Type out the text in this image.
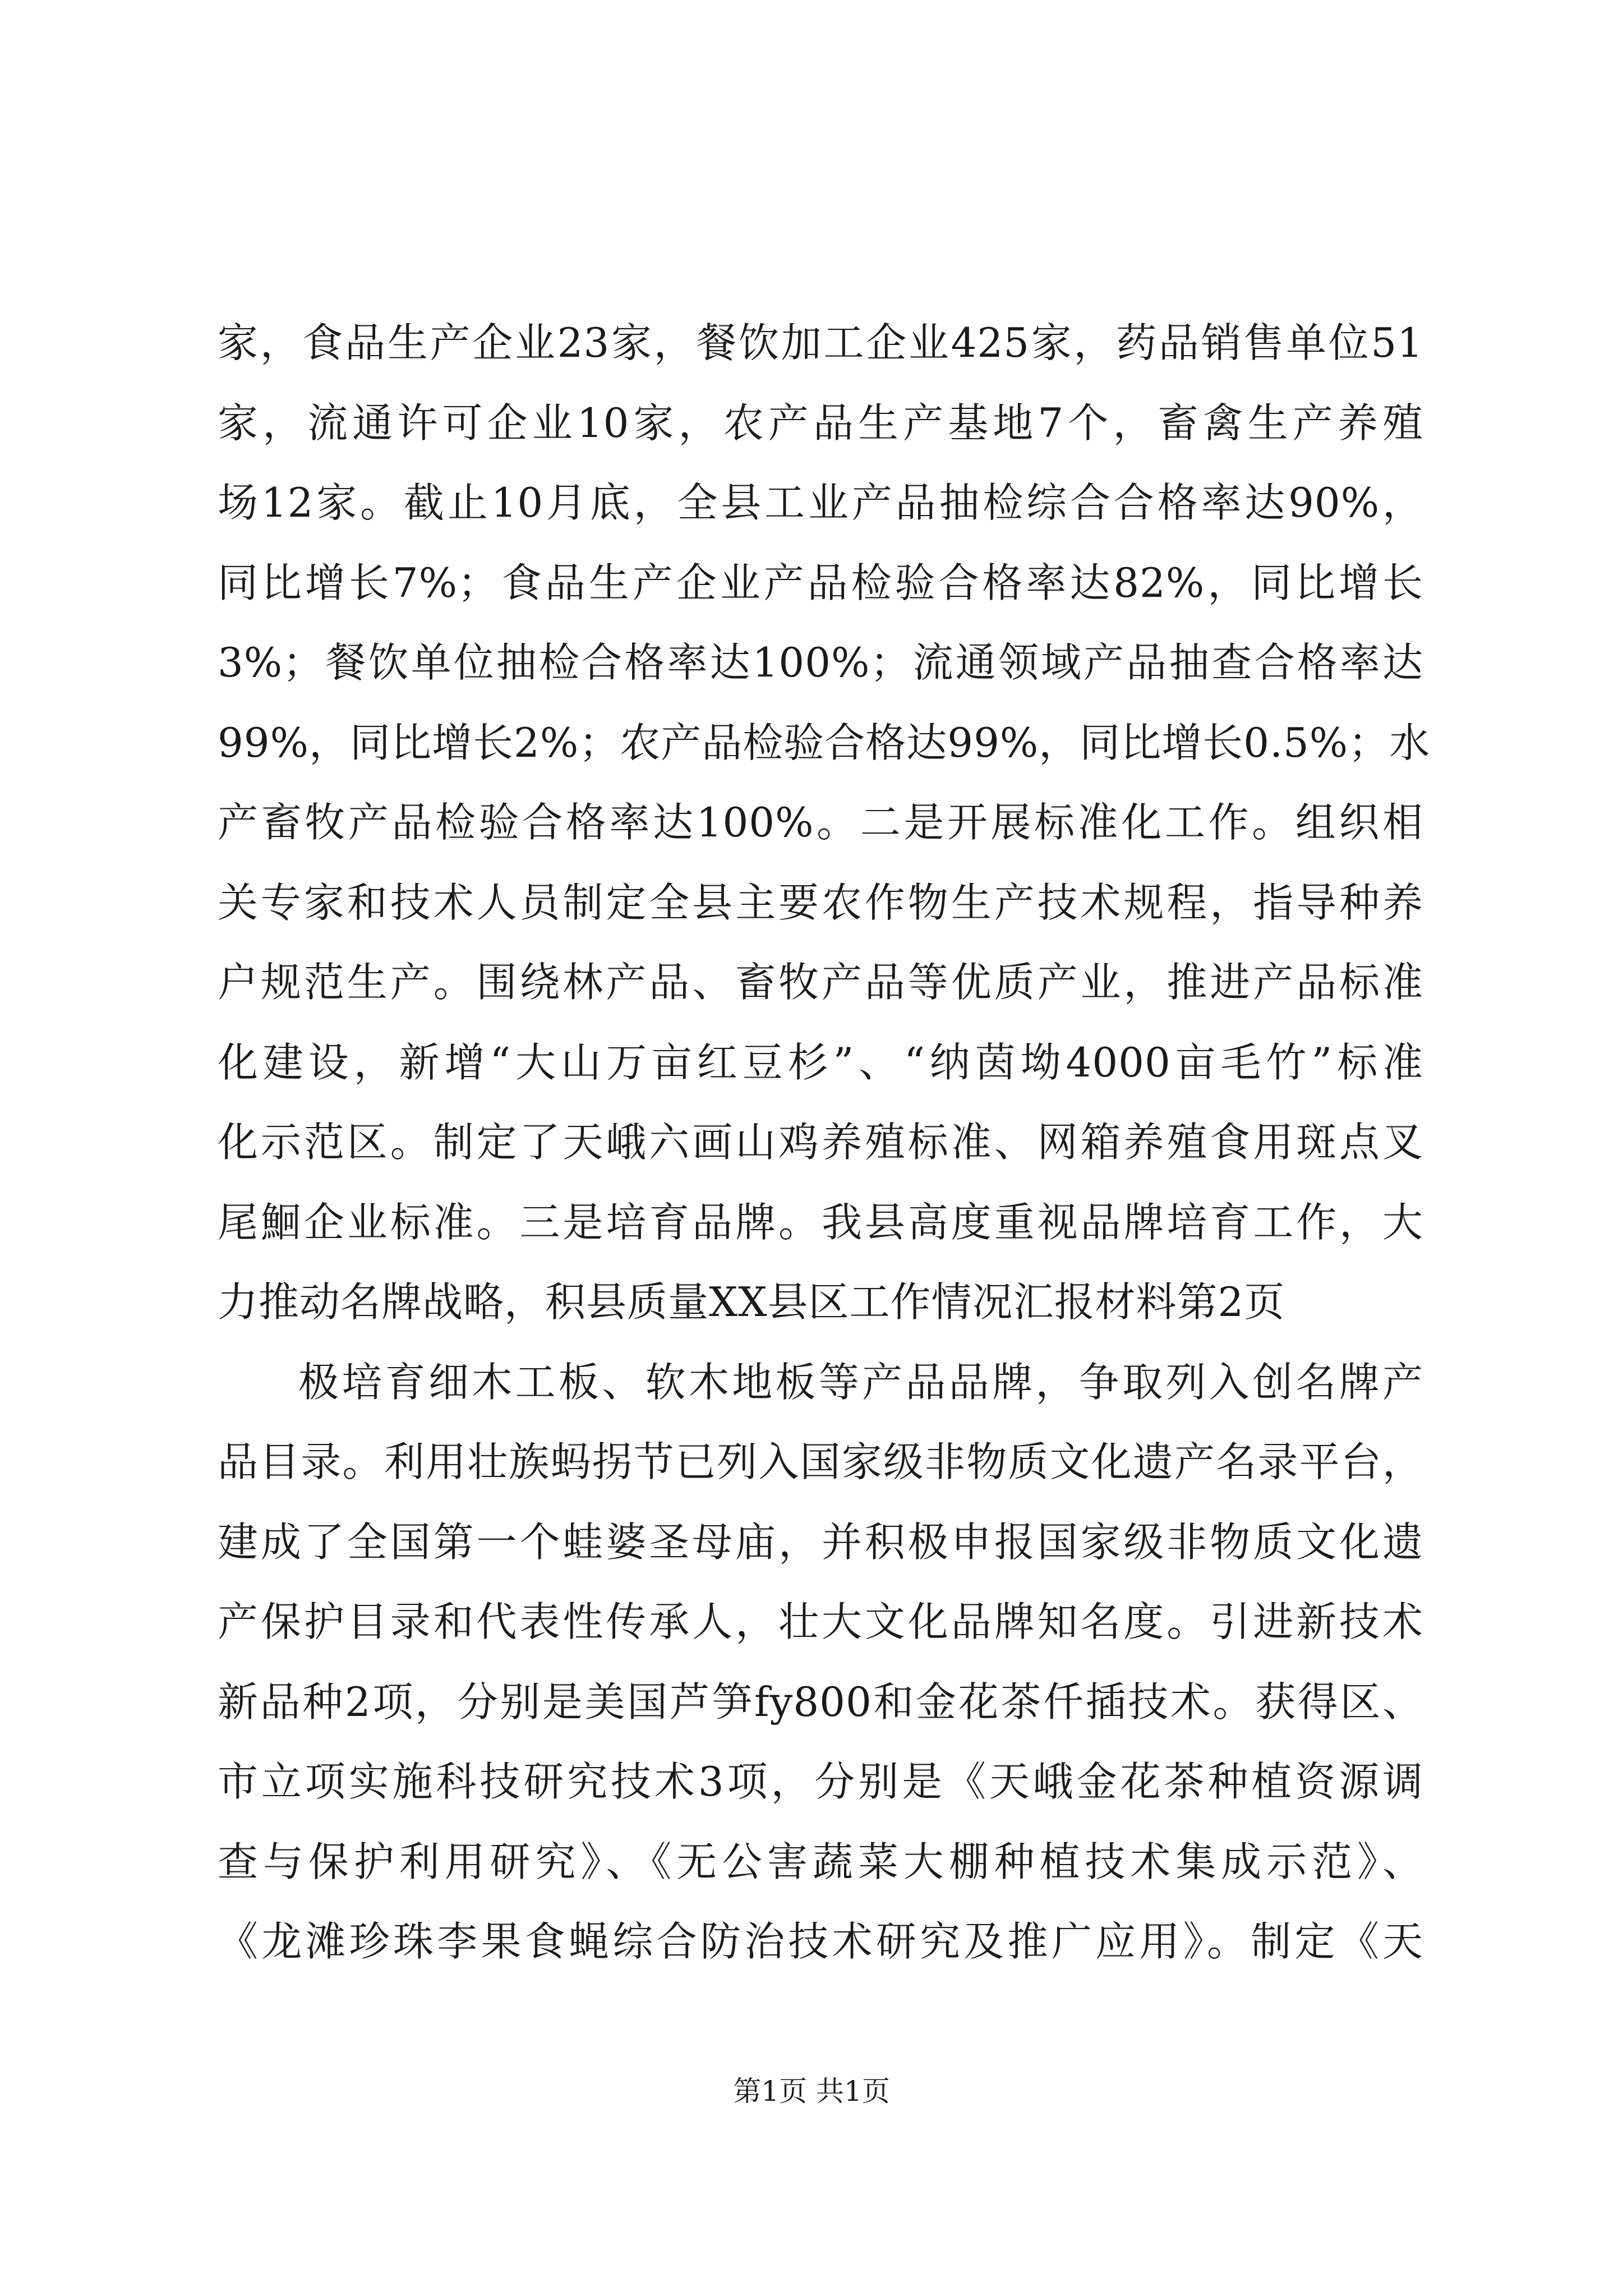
家，食品生产企业23家，餐饮加工企业425家，药品销售单位51
家，流通许可企业10家，农产品生产基地7个，畜禽生产养殖
场12家。截止10月底，全县工业产品抽检综合合格率达90%，
同比增长7%；食品生产企业产品检验合格率达82%，同比增长
3%；餐饮单位抽检合格率达100%；流通领域产品抽查合格率达
99%，同比增长2%；农产品检验合格达99%，同比增长0.5%；水
产畜牧产品检验合格率达100%。二是开展标准化工作。组织相
关专家和技术人员制定全县主要农作物生产技术规程，指导种养
户规范生产。围绕林产品、畜牧产品等优质产业，推进产品标准
化建设，新增“大山万亩红豆杉”、“纳茵坳4000亩毛竹”标准
化示范区。制定了天峨六画山鸡养殖标准、网箱养殖食用斑点叉
尾鮰企业标准。三是培育品牌。我县高度重视品牌培育工作，大
力推动名牌战略，积县质量XX县区工作情况汇报材料第2页
极培育细木工板、软木地板等产品品牌，争取列入创名牌产
品目录。利用壮族蚂拐节已列入国家级非物质文化遗产名录平台，
建成了全国第一个蛙婆圣母庙，并积极申报国家级非物质文化遗
产保护目录和代表性传承人，壮大文化品牌知名度。引进新技术
新品种2项，分别是美国芦笋fy800和金花茶仟插技术。获得区、
市立项实施科技研究技术3项，分别是《天峨金花茶种植资源调
查与保护利用研究》、《无公害蔬菜大棚种植技术集成示范》、
《龙滩珍珠李果食蝇综合防治技术研究及推广应用》。制定《天
第1页 共1页
